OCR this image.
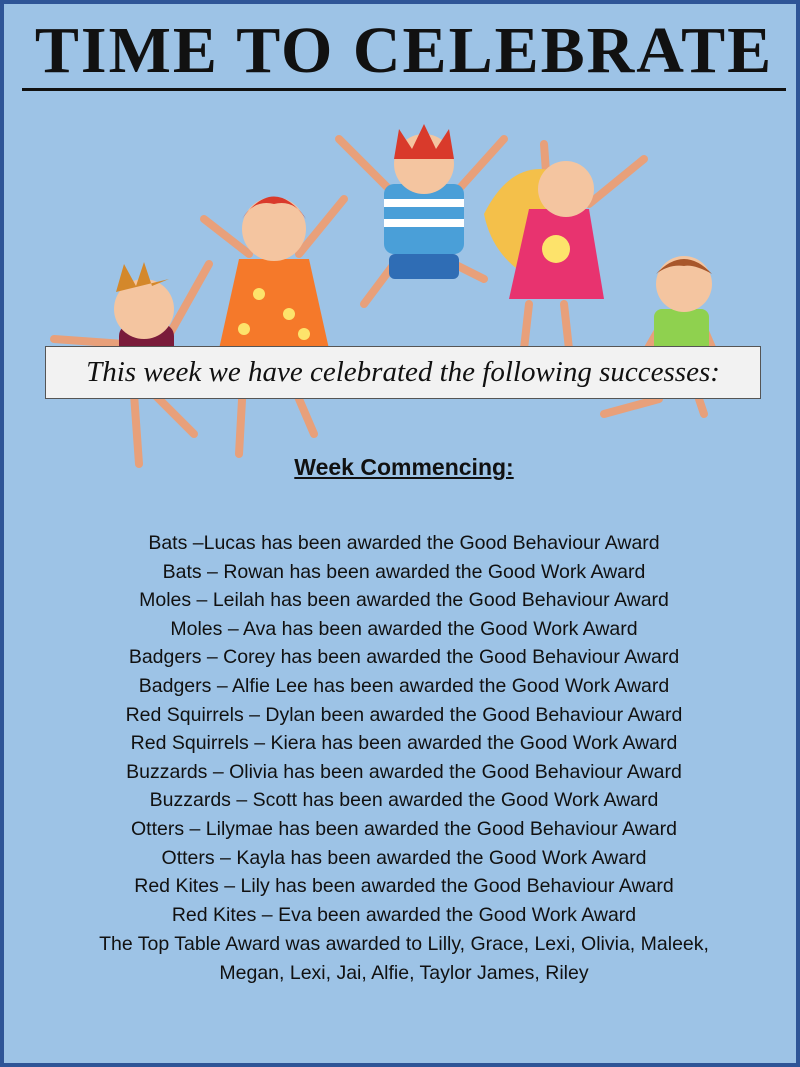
TIME TO CELEBRATE
This week we have celebrated the following successes:
Week Commencing:
Bats –Lucas has been awarded the Good Behaviour Award
Bats – Rowan has been awarded the Good Work Award
Moles – Leilah has been awarded the Good Behaviour Award
Moles – Ava has been awarded the Good Work Award
Badgers – Corey has been awarded the Good Behaviour Award
Badgers – Alfie Lee has been awarded the Good Work Award
Red Squirrels – Dylan been awarded the Good Behaviour Award
Red Squirrels – Kiera has been awarded the Good Work Award
Buzzards – Olivia has been awarded the Good Behaviour Award
Buzzards – Scott has been awarded the Good Work Award
Otters – Lilymae has been awarded the Good Behaviour Award
Otters – Kayla has been awarded the Good Work Award
Red Kites – Lily has been awarded the Good Behaviour Award
Red Kites – Eva been awarded the Good Work Award
The Top Table Award was awarded to Lilly, Grace, Lexi, Olivia, Maleek, Megan, Lexi, Jai, Alfie, Taylor James, Riley
